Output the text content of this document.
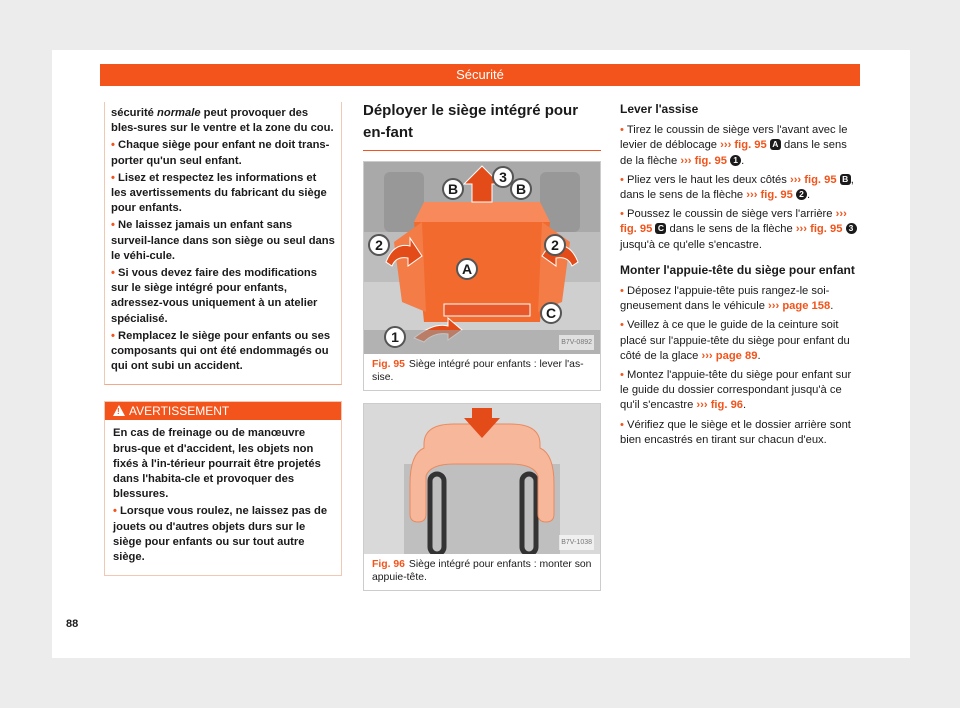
Sécurité

sécurité normale peut provoquer des bles-sures sur le ventre et la zone du cou.

• Chaque siège pour enfant ne doit trans-porter qu'un seul enfant.

• Lisez et respectez les informations et les avertissements du fabricant du siège pour enfants.

• Ne laissez jamais un enfant sans surveil-lance dans son siège ou seul dans le véhi-cule.

• Si vous devez faire des modifications sur le siège intégré pour enfants, adressez-vous uniquement à un atelier spécialisé.

• Remplacez le siège pour enfants ou ses composants qui ont été endommagés ou qui ont subi un accident.

!
AVERTISSEMENT

En cas de freinage ou de manœuvre brus-que et d'accident, les objets non fixés à l'in-térieur pourrait être projetés dans l'habita-cle et provoquer des blessures.

• Lorsque vous roulez, ne laissez pas de jouets ou d'autres objets durs sur le siège pour enfants ou sur tout autre siège.

Déployer le siège intégré pour en-fant
3
B	B
2	2
A
C
1	B7V-0892
Fig. 95 Siège intégré pour enfants : lever l'as-sise.
B7V-1038
Fig. 96 Siège intégré pour enfants : monter son appuie-tête.

Lever l'assise

• Tirez le coussin de siège vers l'avant avec le levier de déblocage ››› fig. 95 A dans le sens de la flèche ››› fig. 95 1 .

• Pliez vers le haut les deux côtés ››› fig. 95 B , dans le sens de la flèche ››› fig. 95 2 .

• Poussez le coussin de siège vers l'arrière ››› fig. 95 C dans le sens de la flèche ››› fig. 95 3 jusqu'à ce qu'elle s'encastre.

Monter l'appuie-tête du siège pour enfant

• Déposez l'appuie-tête puis rangez-le soi-gneusement dans le véhicule ››› page 158.

• Veillez à ce que le guide de la ceinture soit placé sur l'appuie-tête du siège pour enfant du côté de la glace ››› page 89.

• Montez l'appuie-tête du siège pour enfant sur le guide du dossier correspondant jusqu'à ce qu'il s'encastre ››› fig. 96.

• Vérifiez que le siège et le dossier arrière sont bien encastrés en tirant sur chacun d'eux.

88
